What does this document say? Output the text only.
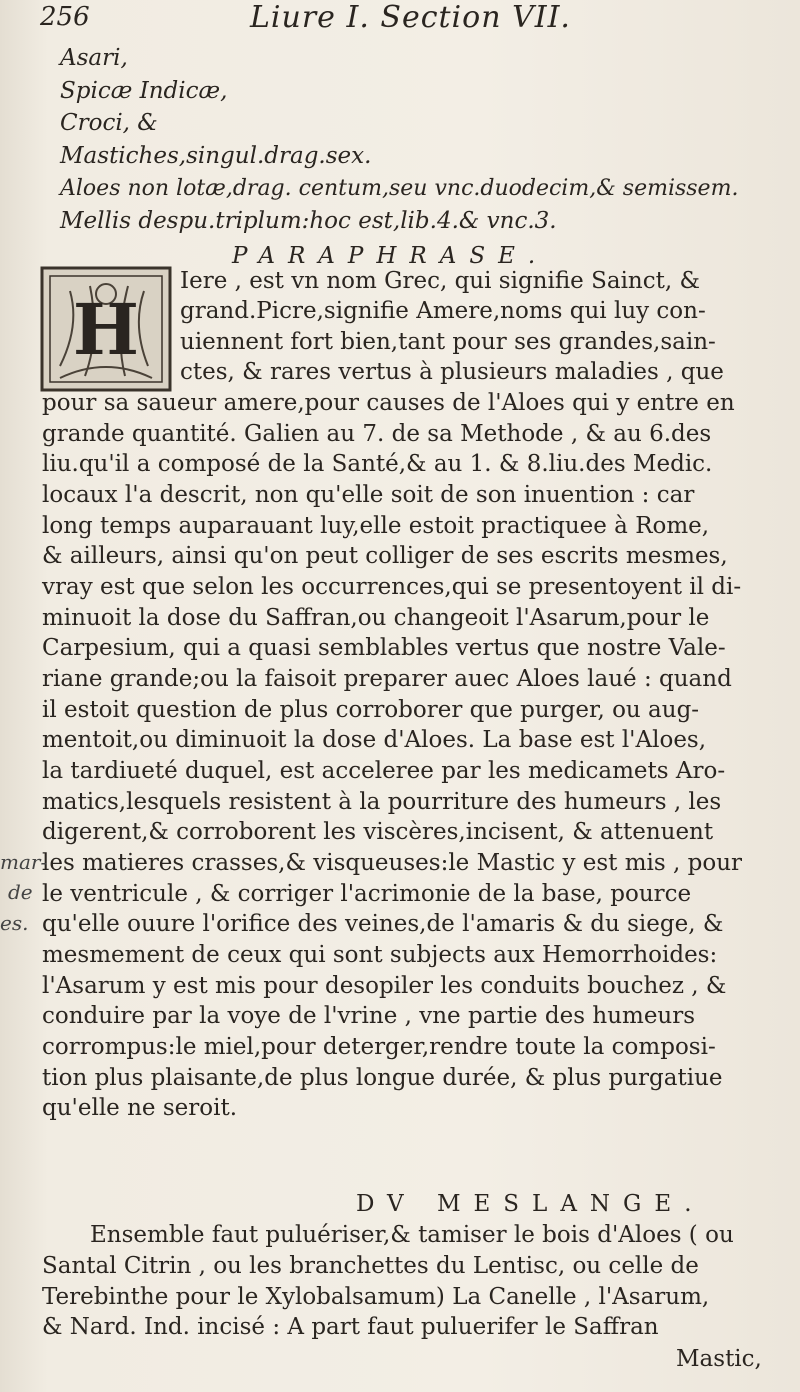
256	Liure I. Section VII.
Asari,
Spicæ Indicæ,
Croci, &
Mastiches,singul.drag.sex.
Aloes non lotæ,drag. centum,seu vnc.duodecim,& semissem.
Mellis despu.triplum:hoc est,lib.4.& vnc.3.
PARAPHRASE.
H
Iere , est vn nom Grec, qui signifie Sainct, &
grand.Picre,signifie Amere,noms qui luy con-
uiennent fort bien,tant pour ses grandes,sain-
ctes, & rares vertus à plusieurs maladies , que
pour sa saueur amere,pour causes de l'Aloes qui y entre en
grande quantité. Galien au 7. de sa Methode , & au 6.des
liu.qu'il a composé de la Santé,& au 1. & 8.liu.des Medic.
locaux l'a descrit, non qu'elle soit de son inuention : car
long temps auparauant luy,elle estoit practiquee à Rome,
& ailleurs, ainsi qu'on peut colliger de ses escrits mesmes,
vray est que selon les occurrences,qui se presentoyent il di-
minuoit la dose du Saffran,ou changeoit l'Asarum,pour le
Carpesium, qui a quasi semblables vertus que nostre Vale-
riane grande;ou la faisoit preparer auec Aloes laué : quand
il estoit question de plus corroborer que purger, ou aug-
mentoit,ou diminuoit la dose d'Aloes. La base est l'Aloes,
la tardiueté duquel, est acceleree par les medicamets Aro-
matics,lesquels resistent à la pourriture des humeurs , les
digerent,& corroborent les viscères,incisent, & attenuent
les matieres crasses,& visqueuses:le Mastic y est mis , pour
le ventricule , & corriger l'acrimonie de la base, pource
qu'elle ouure l'orifice des veines,de l'amaris & du siege, &
mesmement de ceux qui sont subjects aux Hemorrhoides:
l'Asarum y est mis pour desopiler les conduits bouchez , &
conduire par la voye de l'vrine , vne partie des humeurs
corrompus:le miel,pour deterger,rendre toute la composi-
tion plus plaisante,de plus longue durée, & plus purgatiue
qu'elle ne seroit.
mar-
de
es.
DV MESLANGE.
Ensemble faut puluériser,& tamiser le bois d'Aloes ( ou
Santal Citrin , ou les branchettes du Lentisc, ou celle de
Terebinthe pour le Xylobalsamum) La Canelle , l'Asarum,
& Nard. Ind. incisé : A part faut puluerifer le Saffran
Mastic,
